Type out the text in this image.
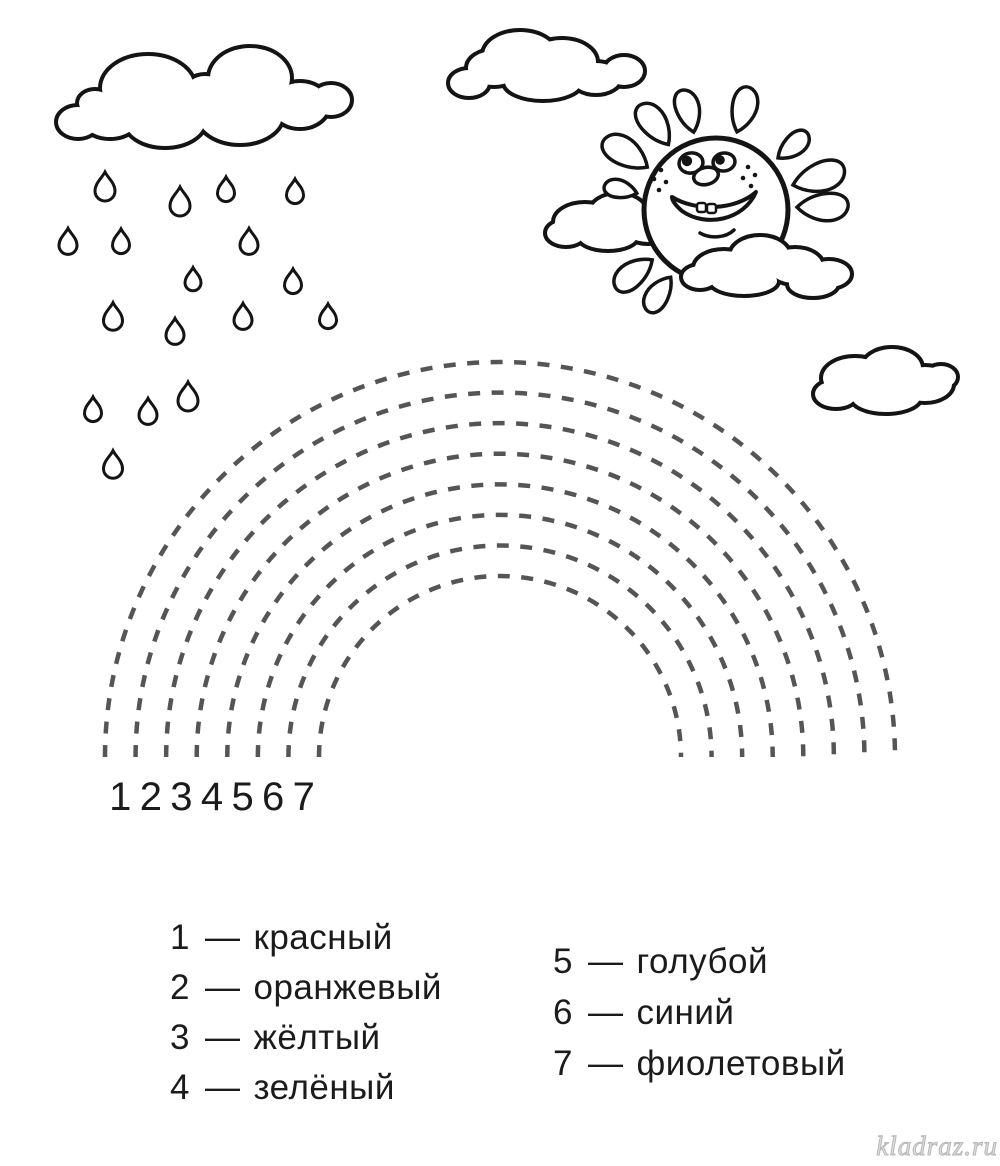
1 2 3 4 5 6 7
1 — красный
2 — оранжевый
3 — жёлтый
4 — зелёный
5 — голубой
6 — синий
7 — фиолетовый
kladraz.ru
